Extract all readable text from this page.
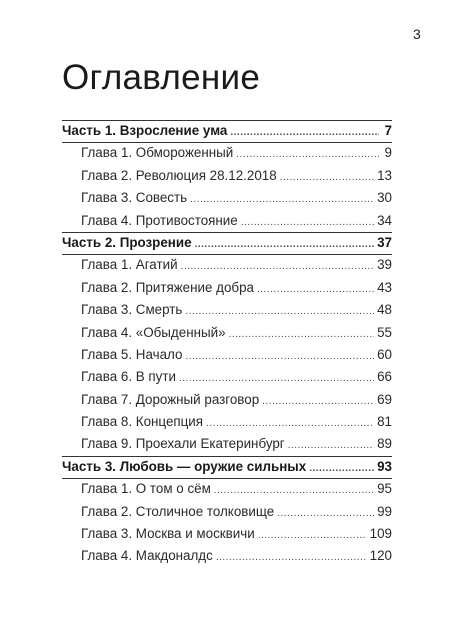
3
Оглавление
Часть 1. Взросление ума .....	7
Глава 1. Обмороженный .....	9
Глава 2. Революция 28.12.2018 .....	13
Глава 3. Совесть .....	30
Глава 4. Противостояние .....	34
Часть 2. Прозрение .....	37
Глава 1. Агатий .....	39
Глава 2. Притяжение добра .....	43
Глава 3. Смерть .....	48
Глава 4. «Обыденный» .....	55
Глава 5. Начало .....	60
Глава 6. В пути .....	66
Глава 7. Дорожный разговор .....	69
Глава 8. Концепция .....	81
Глава 9. Проехали Екатеринбург .....	89
Часть 3. Любовь — оружие сильных .....	93
Глава 1. О том о сём .....	95
Глава 2. Столичное толковище .....	99
Глава 3. Москва и москвичи .....	109
Глава 4. Макдоналдс .....	120
